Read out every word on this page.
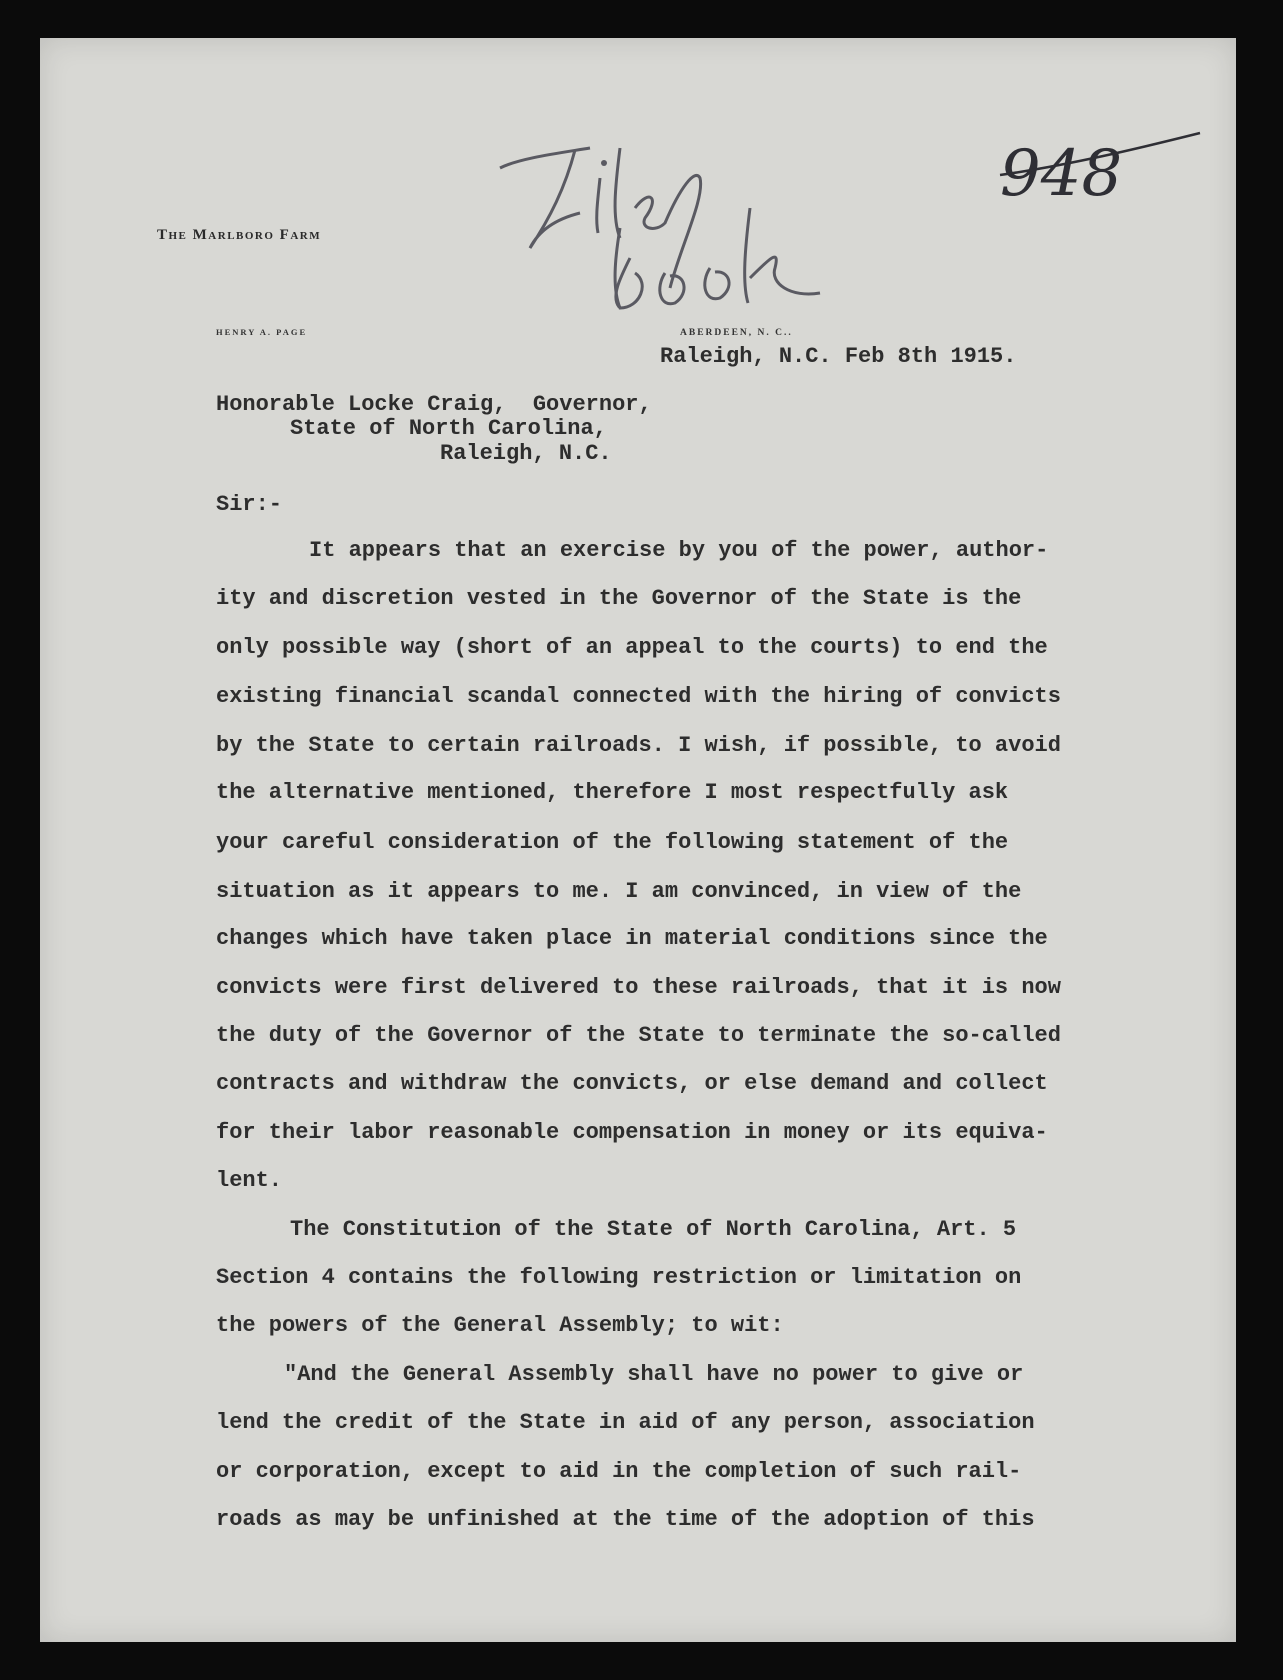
The Marlboro Farm
HENRY A. PAGE	ABERDEEN, N. C..
948
Raleigh, N.C. Feb 8th 1915.
Honorable Locke Craig,  Governor,
State of North Carolina,
Raleigh, N.C.
Sir:-
It appears that an exercise by you of the power, author-
ity and discretion vested in the Governor of the State is the
only possible way (short of an appeal to the courts) to end the
existing financial scandal connected with the hiring of convicts
by the State to certain railroads. I wish, if possible, to avoid
the alternative mentioned, therefore I most respectfully ask
your careful consideration of the following statement of the
situation as it appears to me. I am convinced, in view of the
changes which have taken place in material conditions since the
convicts were first delivered to these railroads, that it is now
the duty of the Governor of the State to terminate the so-called
contracts and withdraw the convicts, or else demand and collect
for their labor reasonable compensation in money or its equiva-
lent.
The Constitution of the State of North Carolina, Art. 5
Section 4 contains the following restriction or limitation on
the powers of the General Assembly; to wit:
"And the General Assembly shall have no power to give or
lend the credit of the State in aid of any person, association
or corporation, except to aid in the completion of such rail-
roads as may be unfinished at the time of the adoption of this
